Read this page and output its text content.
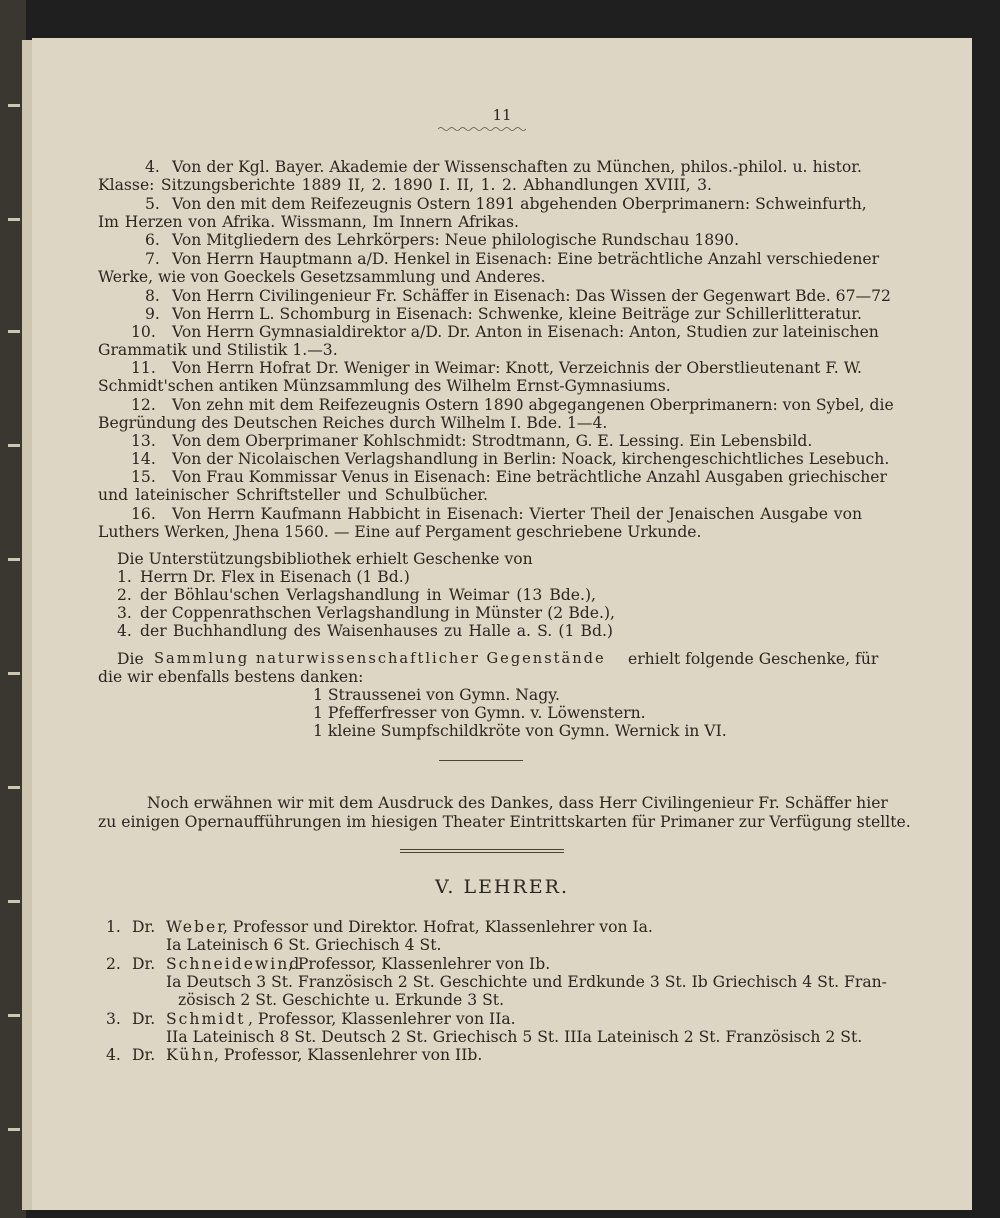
11
4. Von der Kgl. Bayer. Akademie der Wissenschaften zu München, philos.-philol. u. histor.
Klasse: Sitzungsberichte 1889 II, 2. 1890 I. II, 1. 2. Abhandlungen XVIII, 3.
5. Von den mit dem Reifezeugnis Ostern 1891 abgehenden Oberprimanern: Schweinfurth,
Im Herzen von Afrika. Wissmann, Im Innern Afrikas.
6. Von Mitgliedern des Lehrkörpers: Neue philologische Rundschau 1890.
7. Von Herrn Hauptmann a/D. Henkel in Eisenach: Eine beträchtliche Anzahl verschiedener
Werke, wie von Goeckels Gesetzsammlung und Anderes.
8. Von Herrn Civilingenieur Fr. Schäffer in Eisenach: Das Wissen der Gegenwart Bde. 67—72
9. Von Herrn L. Schomburg in Eisenach: Schwenke, kleine Beiträge zur Schillerlitteratur.
10. Von Herrn Gymnasialdirektor a/D. Dr. Anton in Eisenach: Anton, Studien zur lateinischen
Grammatik und Stilistik 1.—3.
11. Von Herrn Hofrat Dr. Weniger in Weimar: Knott, Verzeichnis der Oberstlieutenant F. W.
Schmidt'schen antiken Münzsammlung des Wilhelm Ernst-Gymnasiums.
12. Von zehn mit dem Reifezeugnis Ostern 1890 abgegangenen Oberprimanern: von Sybel, die
Begründung des Deutschen Reiches durch Wilhelm I. Bde. 1—4.
13. Von dem Oberprimaner Kohlschmidt: Strodtmann, G. E. Lessing. Ein Lebensbild.
14. Von der Nicolaischen Verlagshandlung in Berlin: Noack, kirchengeschichtliches Lesebuch.
15. Von Frau Kommissar Venus in Eisenach: Eine beträchtliche Anzahl Ausgaben griechischer
und lateinischer Schriftsteller und Schulbücher.
16. Von Herrn Kaufmann Habbicht in Eisenach: Vierter Theil der Jenaischen Ausgabe von
Luthers Werken, Jhena 1560. — Eine auf Pergament geschriebene Urkunde.
Die Unterstützungsbibliothek erhielt Geschenke von
1. Herrn Dr. Flex in Eisenach (1 Bd.)
2. der Böhlau'schen Verlagshandlung in Weimar (13 Bde.),
3. der Coppenrathschen Verlagshandlung in Münster (2 Bde.),
4. der Buchhandlung des Waisenhauses zu Halle a. S. (1 Bd.)
Die Sammlung naturwissenschaftlicher Gegenstände erhielt folgende Geschenke, für
die wir ebenfalls bestens danken:
1 Straussenei von Gymn. Nagy.
1 Pfefferfresser von Gymn. v. Löwenstern.
1 kleine Sumpfschildkröte von Gymn. Wernick in VI.
Noch erwähnen wir mit dem Ausdruck des Dankes, dass Herr Civilingenieur Fr. Schäffer hier
zu einigen Opernaufführungen im hiesigen Theater Eintrittskarten für Primaner zur Verfügung stellte.
V. LEHRER.
1. Dr. Weber
, Professor und Direktor. Hofrat, Klassenlehrer von Ia.
Ia Lateinisch 6 St. Griechisch 4 St.
2. Dr. Schneidewind
, Professor, Klassenlehrer von Ib.
Ia Deutsch 3 St. Französisch 2 St. Geschichte und Erdkunde 3 St. Ib Griechisch 4 St. Fran-
zösisch 2 St. Geschichte u. Erkunde 3 St.
3. Dr. Schmidt , Professor, Klassenlehrer von IIa.
IIa Lateinisch 8 St. Deutsch 2 St. Griechisch 5 St. IIIa Lateinisch 2 St. Französisch 2 St.
4. Dr. Kühn
, Professor, Klassenlehrer von IIb.
